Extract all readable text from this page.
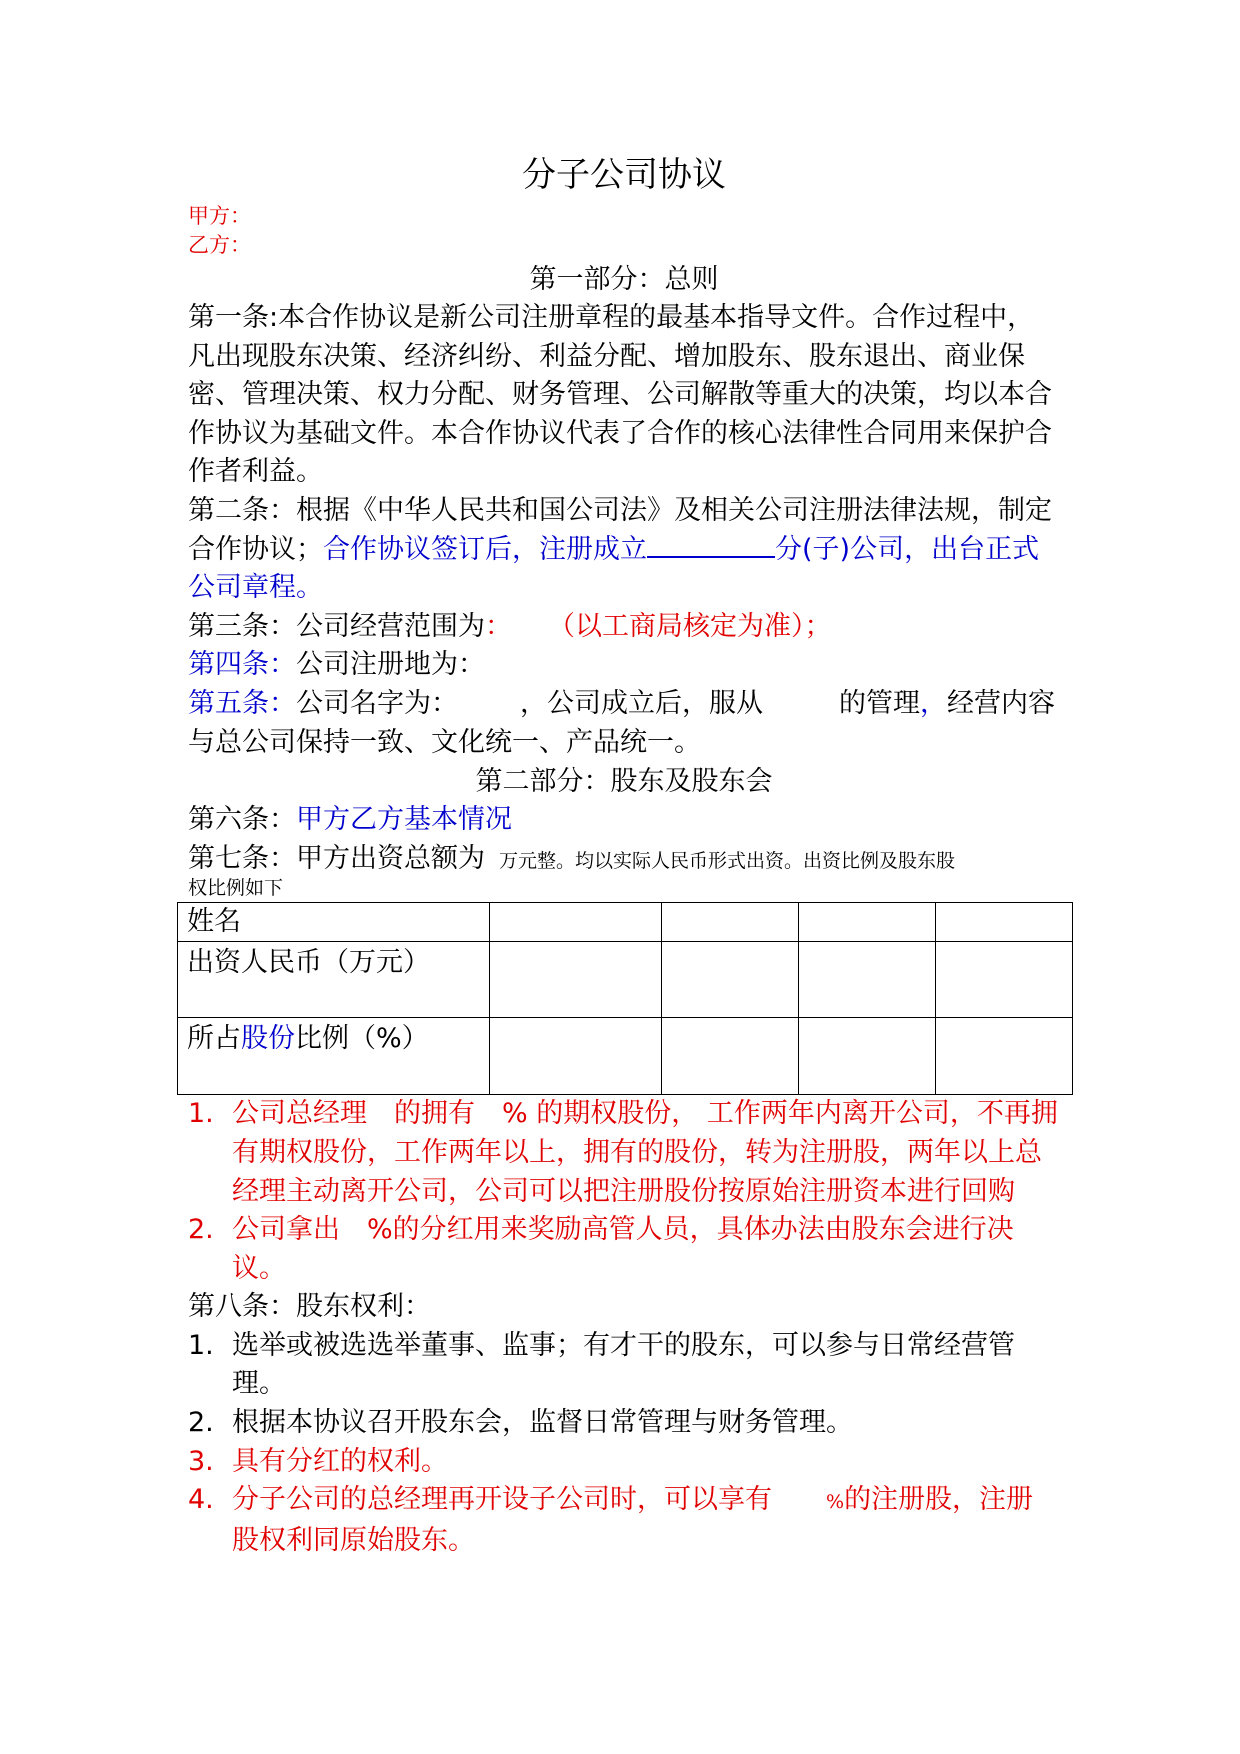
分子公司协议
甲方：
乙方：
第一部分：总则
第一条:本合作协议是新公司注册章程的最基本指导文件。合作过程中，凡出现股东决策、经济纠纷、利益分配、增加股东、股东退出、商业保密、管理决策、权力分配、财务管理、公司解散等重大的决策，均以本合作协议为基础文件。本合作协议代表了合作的核心法律性合同用来保护合作者利益。
第二条：根据《中华人民共和国公司法》及相关公司注册法律法规，制定合作协议；合作协议签订后，注册成立	分(子)公司，出台正式公司章程。
第三条：公司经营范围为： （以工商局核定为准）；
第四条：公司注册地为：
第五条：公司名字为： ，公司成立后，服从	的管理，经营内容与总公司保持一致、文化统一、产品统一。
第二部分：股东及股东会
第六条：甲方乙方基本情况
第七条：甲方出资总额为 万元整。均以实际人民币形式出资。出资比例及股东股
权比例如下
姓名				
出资人民币（万元）				
所占股份比例（%）				
1. 公司总经理　的拥有　% 的期权股份， 工作两年内离开公司，不再拥有期权股份，工作两年以上，拥有的股份，转为注册股，两年以上总经理主动离开公司，公司可以把注册股份按原始注册资本进行回购
2. 公司拿出　%的分红用来奖励高管人员，具体办法由股东会进行决议。
第八条：股东权利：
1. 选举或被选选举董事、监事；有才干的股东，可以参与日常经营管理。
2. 根据本协议召开股东会，监督日常管理与财务管理。
3. 具有分红的权利。
4. 分子公司的总经理再开设子公司时，可以享有　　%的注册股，注册股权利同原始股东。
